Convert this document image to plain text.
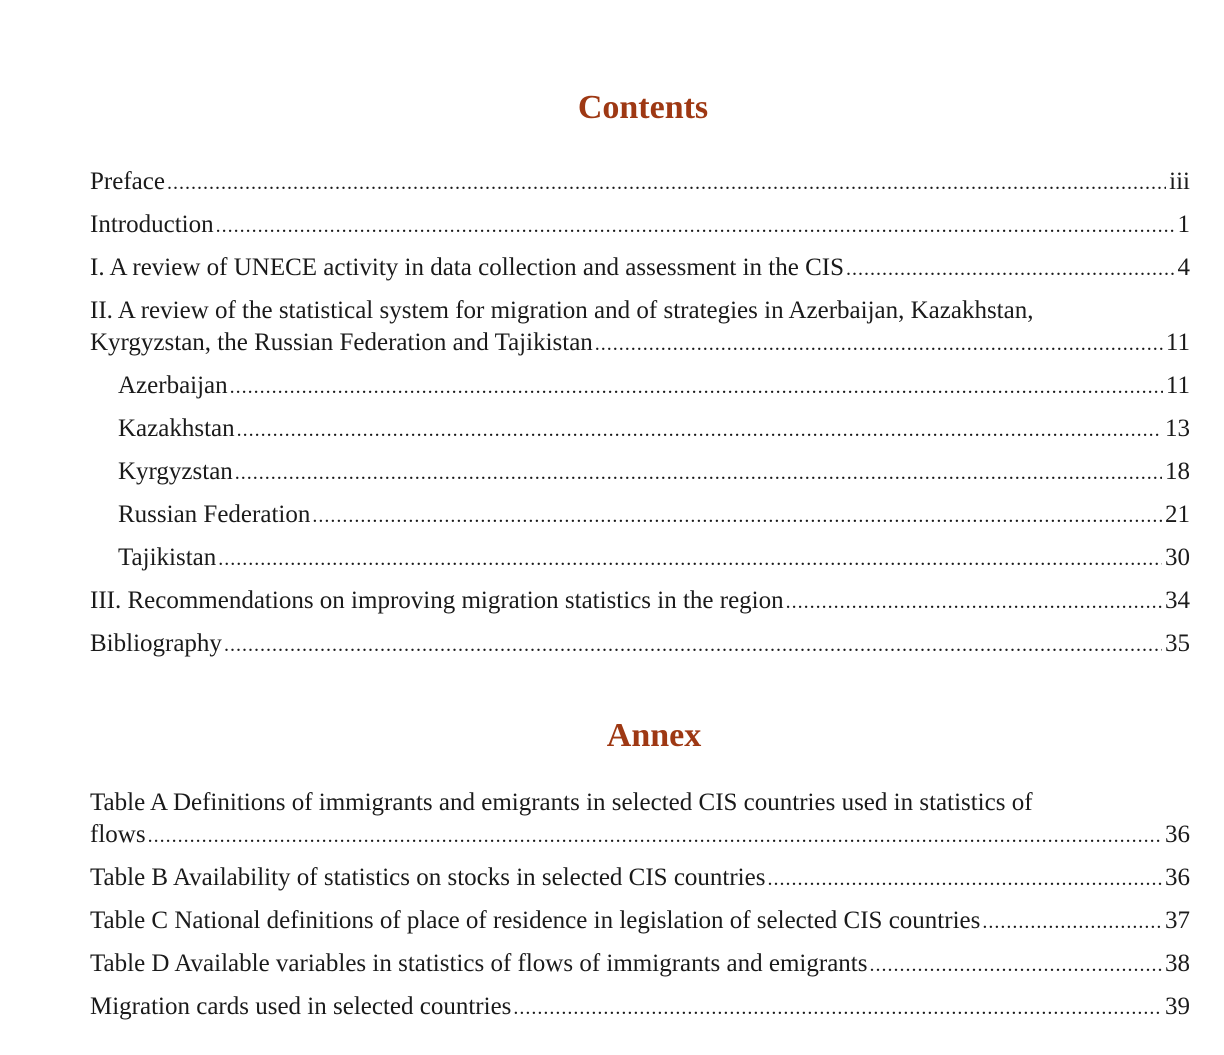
Contents
Preface .....	iii
Introduction .....	1
I. A review of UNECE activity in data collection and assessment in the CIS .....	4
II. A review of the statistical system for migration and of strategies in Azerbaijan, Kazakhstan,
Kyrgyzstan, the Russian Federation and Tajikistan .....	11
Azerbaijan .....	11
Kazakhstan .....	13
Kyrgyzstan .....	18
Russian Federation .....	21
Tajikistan .....	30
III. Recommendations on improving migration statistics in the region .....	34
Bibliography .....	35
Annex
Table A Definitions of immigrants and emigrants in selected CIS countries used in statistics of
flows .....	36
Table B Availability of statistics on stocks in selected CIS countries .....	36
Table C National definitions of place of residence in legislation of selected CIS countries .....	37
Table D Available variables in statistics of flows of immigrants and emigrants .....	38
Migration cards used in selected countries .....	39
